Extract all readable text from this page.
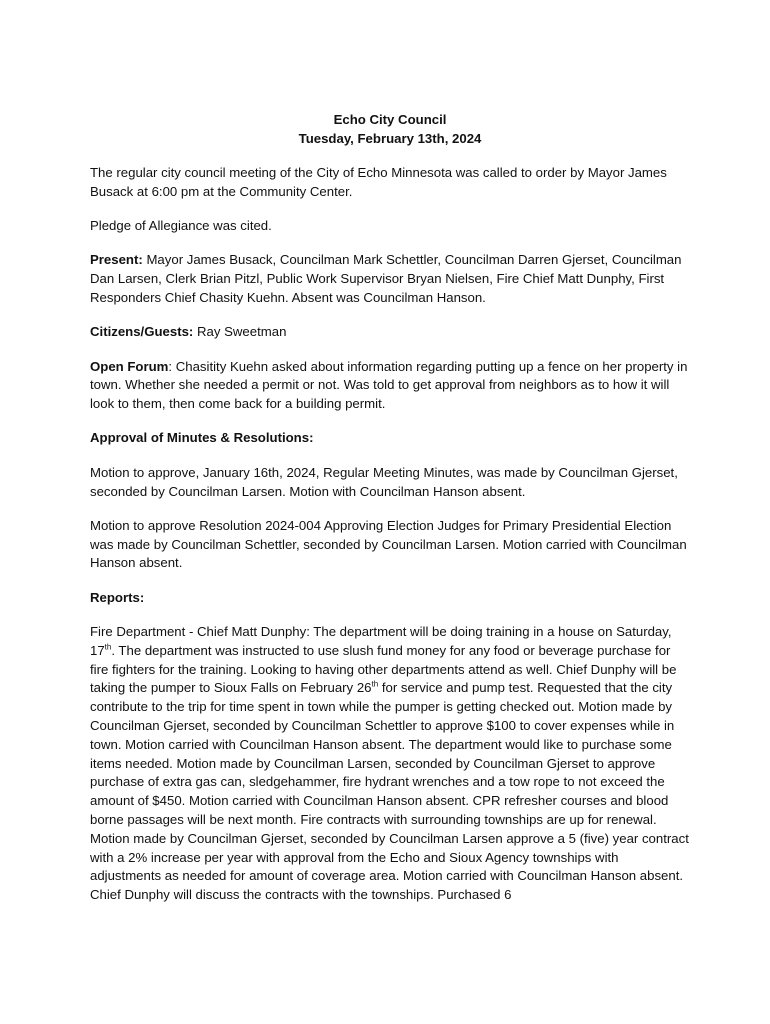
Echo City Council
Tuesday, February 13th, 2024

The regular city council meeting of the City of Echo Minnesota was called to order by Mayor James Busack at 6:00 pm at the Community Center.

Pledge of Allegiance was cited.

Present: Mayor James Busack, Councilman Mark Schettler, Councilman Darren Gjerset, Councilman Dan Larsen, Clerk Brian Pitzl, Public Work Supervisor Bryan Nielsen, Fire Chief Matt Dunphy, First Responders Chief Chasity Kuehn. Absent was Councilman Hanson.

Citizens/Guests: Ray Sweetman

Open Forum: Chasitity Kuehn asked about information regarding putting up a fence on her property in town. Whether she needed a permit or not. Was told to get approval from neighbors as to how it will look to them, then come back for a building permit.

Approval of Minutes & Resolutions:

Motion to approve, January 16th, 2024, Regular Meeting Minutes, was made by Councilman Gjerset, seconded by Councilman Larsen. Motion with Councilman Hanson absent.

Motion to approve Resolution 2024-004 Approving Election Judges for Primary Presidential Election was made by Councilman Schettler, seconded by Councilman Larsen. Motion carried with Councilman Hanson absent.

Reports:

Fire Department - Chief Matt Dunphy: The department will be doing training in a house on Saturday, 17th. The department was instructed to use slush fund money for any food or beverage purchase for fire fighters for the training. Looking to having other departments attend as well. Chief Dunphy will be taking the pumper to Sioux Falls on February 26th for service and pump test. Requested that the city contribute to the trip for time spent in town while the pumper is getting checked out. Motion made by Councilman Gjerset, seconded by Councilman Schettler to approve $100 to cover expenses while in town. Motion carried with Councilman Hanson absent. The department would like to purchase some items needed. Motion made by Councilman Larsen, seconded by Councilman Gjerset to approve purchase of extra gas can, sledgehammer, fire hydrant wrenches and a tow rope to not exceed the amount of $450. Motion carried with Councilman Hanson absent. CPR refresher courses and blood borne passages will be next month. Fire contracts with surrounding townships are up for renewal. Motion made by Councilman Gjerset, seconded by Councilman Larsen approve a 5 (five) year contract with a 2% increase per year with approval from the Echo and Sioux Agency townships with adjustments as needed for amount of coverage area. Motion carried with Councilman Hanson absent. Chief Dunphy will discuss the contracts with the townships. Purchased 6
